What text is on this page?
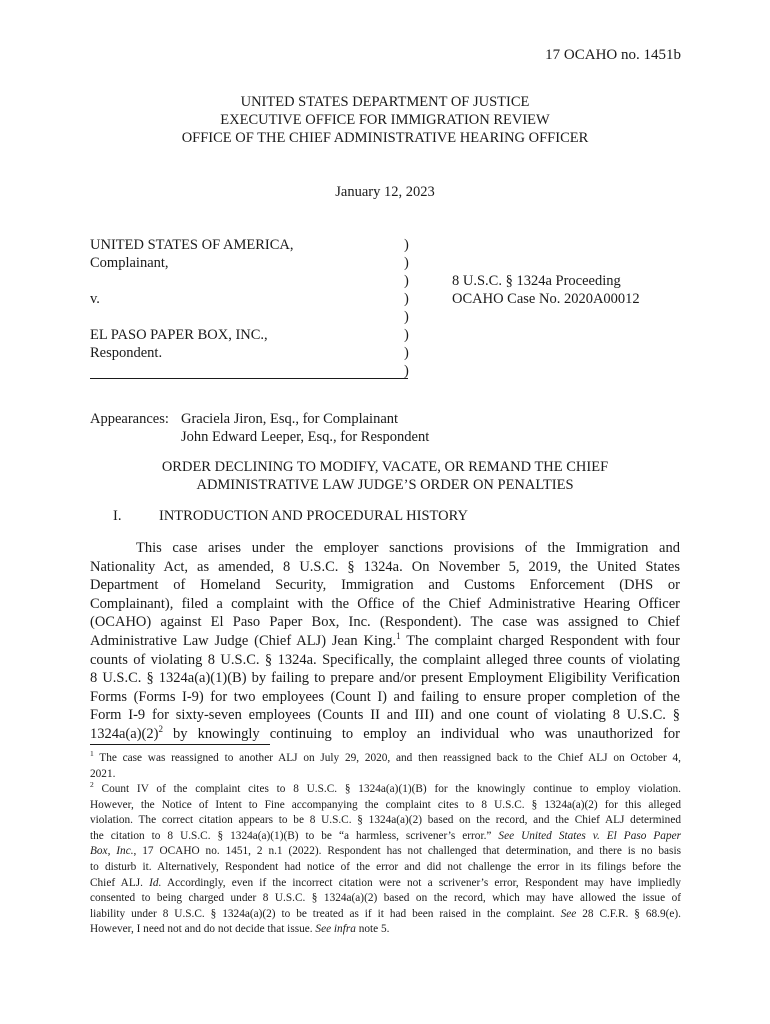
17 OCAHO no. 1451b
UNITED STATES DEPARTMENT OF JUSTICE
EXECUTIVE OFFICE FOR IMMIGRATION REVIEW
OFFICE OF THE CHIEF ADMINISTRATIVE HEARING OFFICER
January 12, 2023
UNITED STATES OF AMERICA,
Complainant,
v.
EL PASO PAPER BOX, INC.,
Respondent.
)
)
)
)
)
)
)
)
8 U.S.C. § 1324a Proceeding
OCAHO Case No. 2020A00012
Appearances: Graciela Jiron, Esq., for Complainant
John Edward Leeper, Esq., for Respondent
ORDER DECLINING TO MODIFY, VACATE, OR REMAND THE CHIEF
ADMINISTRATIVE LAW JUDGE’S ORDER ON PENALTIES
I.	INTRODUCTION AND PROCEDURAL HISTORY
This case arises under the employer sanctions provisions of the Immigration and
Nationality Act, as amended, 8 U.S.C. § 1324a. On November 5, 2019, the United States
Department of Homeland Security, Immigration and Customs Enforcement (DHS or
Complainant), filed a complaint with the Office of the Chief Administrative Hearing Officer
(OCAHO) against El Paso Paper Box, Inc. (Respondent). The case was assigned to Chief
Administrative Law Judge (Chief ALJ) Jean King.$^1$ The complaint charged Respondent with four
counts of violating 8 U.S.C. § 1324a. Specifically, the complaint alleged three counts of violating
8 U.S.C. § 1324a(a)(1)(B) by failing to prepare and/or present Employment Eligibility Verification
Forms (Forms I-9) for two employees (Count I) and failing to ensure proper completion of the
Form I-9 for sixty-seven employees (Counts II and III) and one count of violating 8 U.S.C. §
$1324a(a)(2)^2$ by knowingly continuing to employ an individual who was unauthorized for
$^1$ The case was reassigned to another ALJ on July 29, 2020, and then reassigned back to the Chief ALJ on October 4,
2021.
$^2$ Count IV of the complaint cites to 8 U.S.C. § 1324a(a)(1)(B) for the knowingly continue to employ violation.
However, the Notice of Intent to Fine accompanying the complaint cites to 8 U.S.C. § 1324a(a)(2) for this alleged
violation. The correct citation appears to be 8 U.S.C. § 1324a(a)(2) based on the record, and the Chief ALJ determined
the citation to 8 U.S.C. § 1324a(a)(1)(B) to be “a harmless, scrivener’s error.” See United States v. El Paso Paper
Box, Inc., 17 OCAHO no. 1451, 2 n.1 (2022). Respondent has not challenged that determination, and there is no basis
to disturb it. Alternatively, Respondent had notice of the error and did not challenge the error in its filings before the
Chief ALJ. Id. Accordingly, even if the incorrect citation were not a scrivener’s error, Respondent may have impliedly
consented to being charged under 8 U.S.C. § 1324a(a)(2) based on the record, which may have allowed the issue of
liability under 8 U.S.C. § 1324a(a)(2) to be treated as if it had been raised in the complaint. See 28 C.F.R. § 68.9(e).
However, I need not and do not decide that issue. See infra note 5.
